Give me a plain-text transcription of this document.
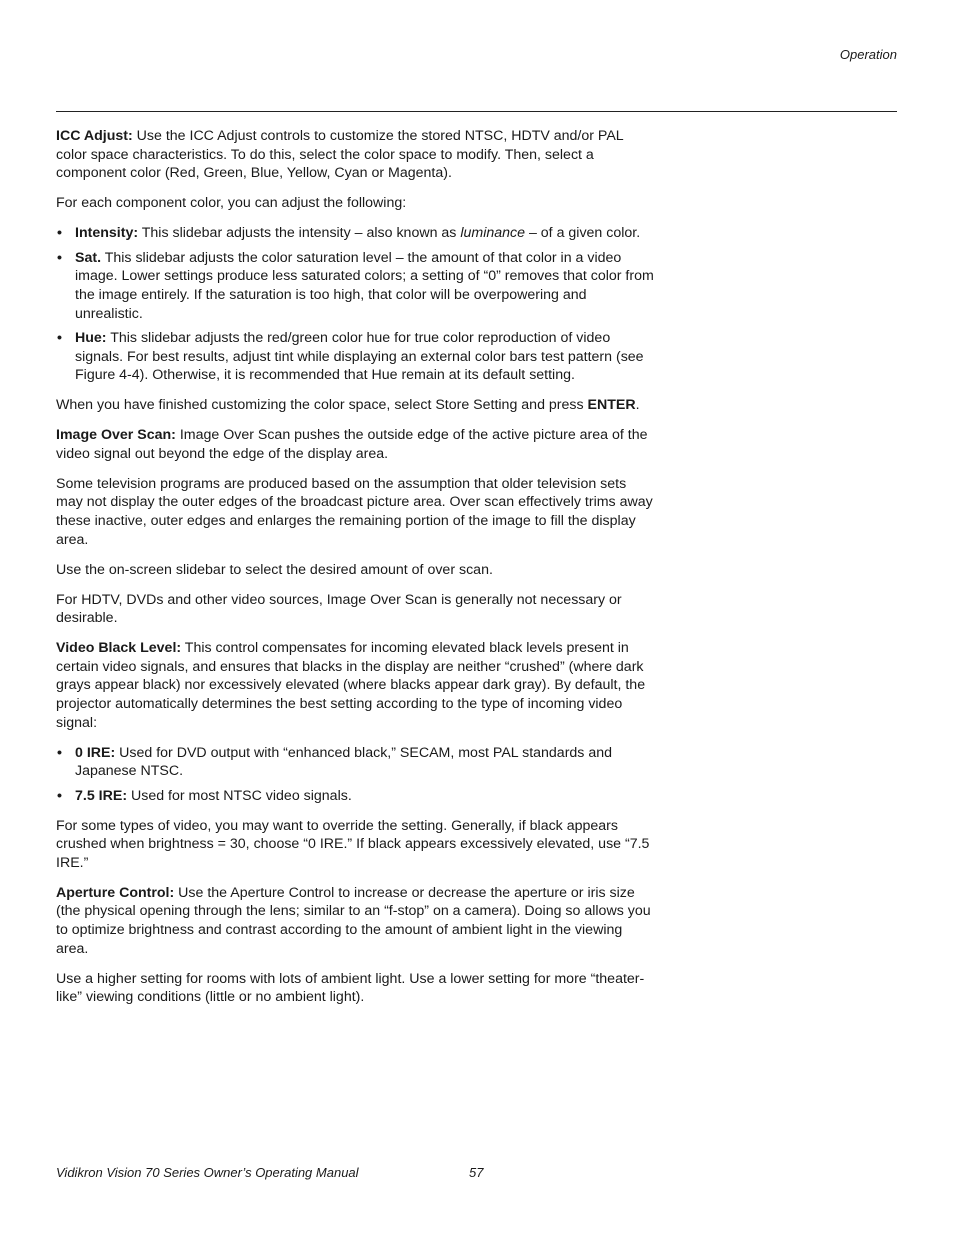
Operation

ICC Adjust: Use the ICC Adjust controls to customize the stored NTSC, HDTV and/or PAL color space characteristics. To do this, select the color space to modify. Then, select a component color (Red, Green, Blue, Yellow, Cyan or Magenta).

For each component color, you can adjust the following:

• Intensity: This slidebar adjusts the intensity – also known as luminance – of a given color.
• Sat. This slidebar adjusts the color saturation level – the amount of that color in a video image. Lower settings produce less saturated colors; a setting of “0” removes that color from the image entirely. If the saturation is too high, that color will be overpowering and unrealistic.
• Hue: This slidebar adjusts the red/green color hue for true color reproduction of video signals. For best results, adjust tint while displaying an external color bars test pattern (see Figure 4-4). Otherwise, it is recommended that Hue remain at its default setting.

When you have finished customizing the color space, select Store Setting and press ENTER.

Image Over Scan: Image Over Scan pushes the outside edge of the active picture area of the video signal out beyond the edge of the display area.

Some television programs are produced based on the assumption that older television sets may not display the outer edges of the broadcast picture area. Over scan effectively trims away these inactive, outer edges and enlarges the remaining portion of the image to fill the display area.

Use the on-screen slidebar to select the desired amount of over scan.

For HDTV, DVDs and other video sources, Image Over Scan is generally not necessary or desirable.

Video Black Level: This control compensates for incoming elevated black levels present in certain video signals, and ensures that blacks in the display are neither “crushed” (where dark grays appear black) nor excessively elevated (where blacks appear dark gray). By default, the projector automatically determines the best setting according to the type of incoming video signal:

• 0 IRE: Used for DVD output with “enhanced black,” SECAM, most PAL standards and Japanese NTSC.
• 7.5 IRE: Used for most NTSC video signals.

For some types of video, you may want to override the setting. Generally, if black appears crushed when brightness = 30, choose “0 IRE.” If black appears excessively elevated, use “7.5 IRE.”

Aperture Control: Use the Aperture Control to increase or decrease the aperture or iris size (the physical opening through the lens; similar to an “f-stop” on a camera). Doing so allows you to optimize brightness and contrast according to the amount of ambient light in the viewing area.

Use a higher setting for rooms with lots of ambient light. Use a lower setting for more “theater-like” viewing conditions (little or no ambient light).

Vidikron Vision 70 Series Owner’s Operating Manual	57
